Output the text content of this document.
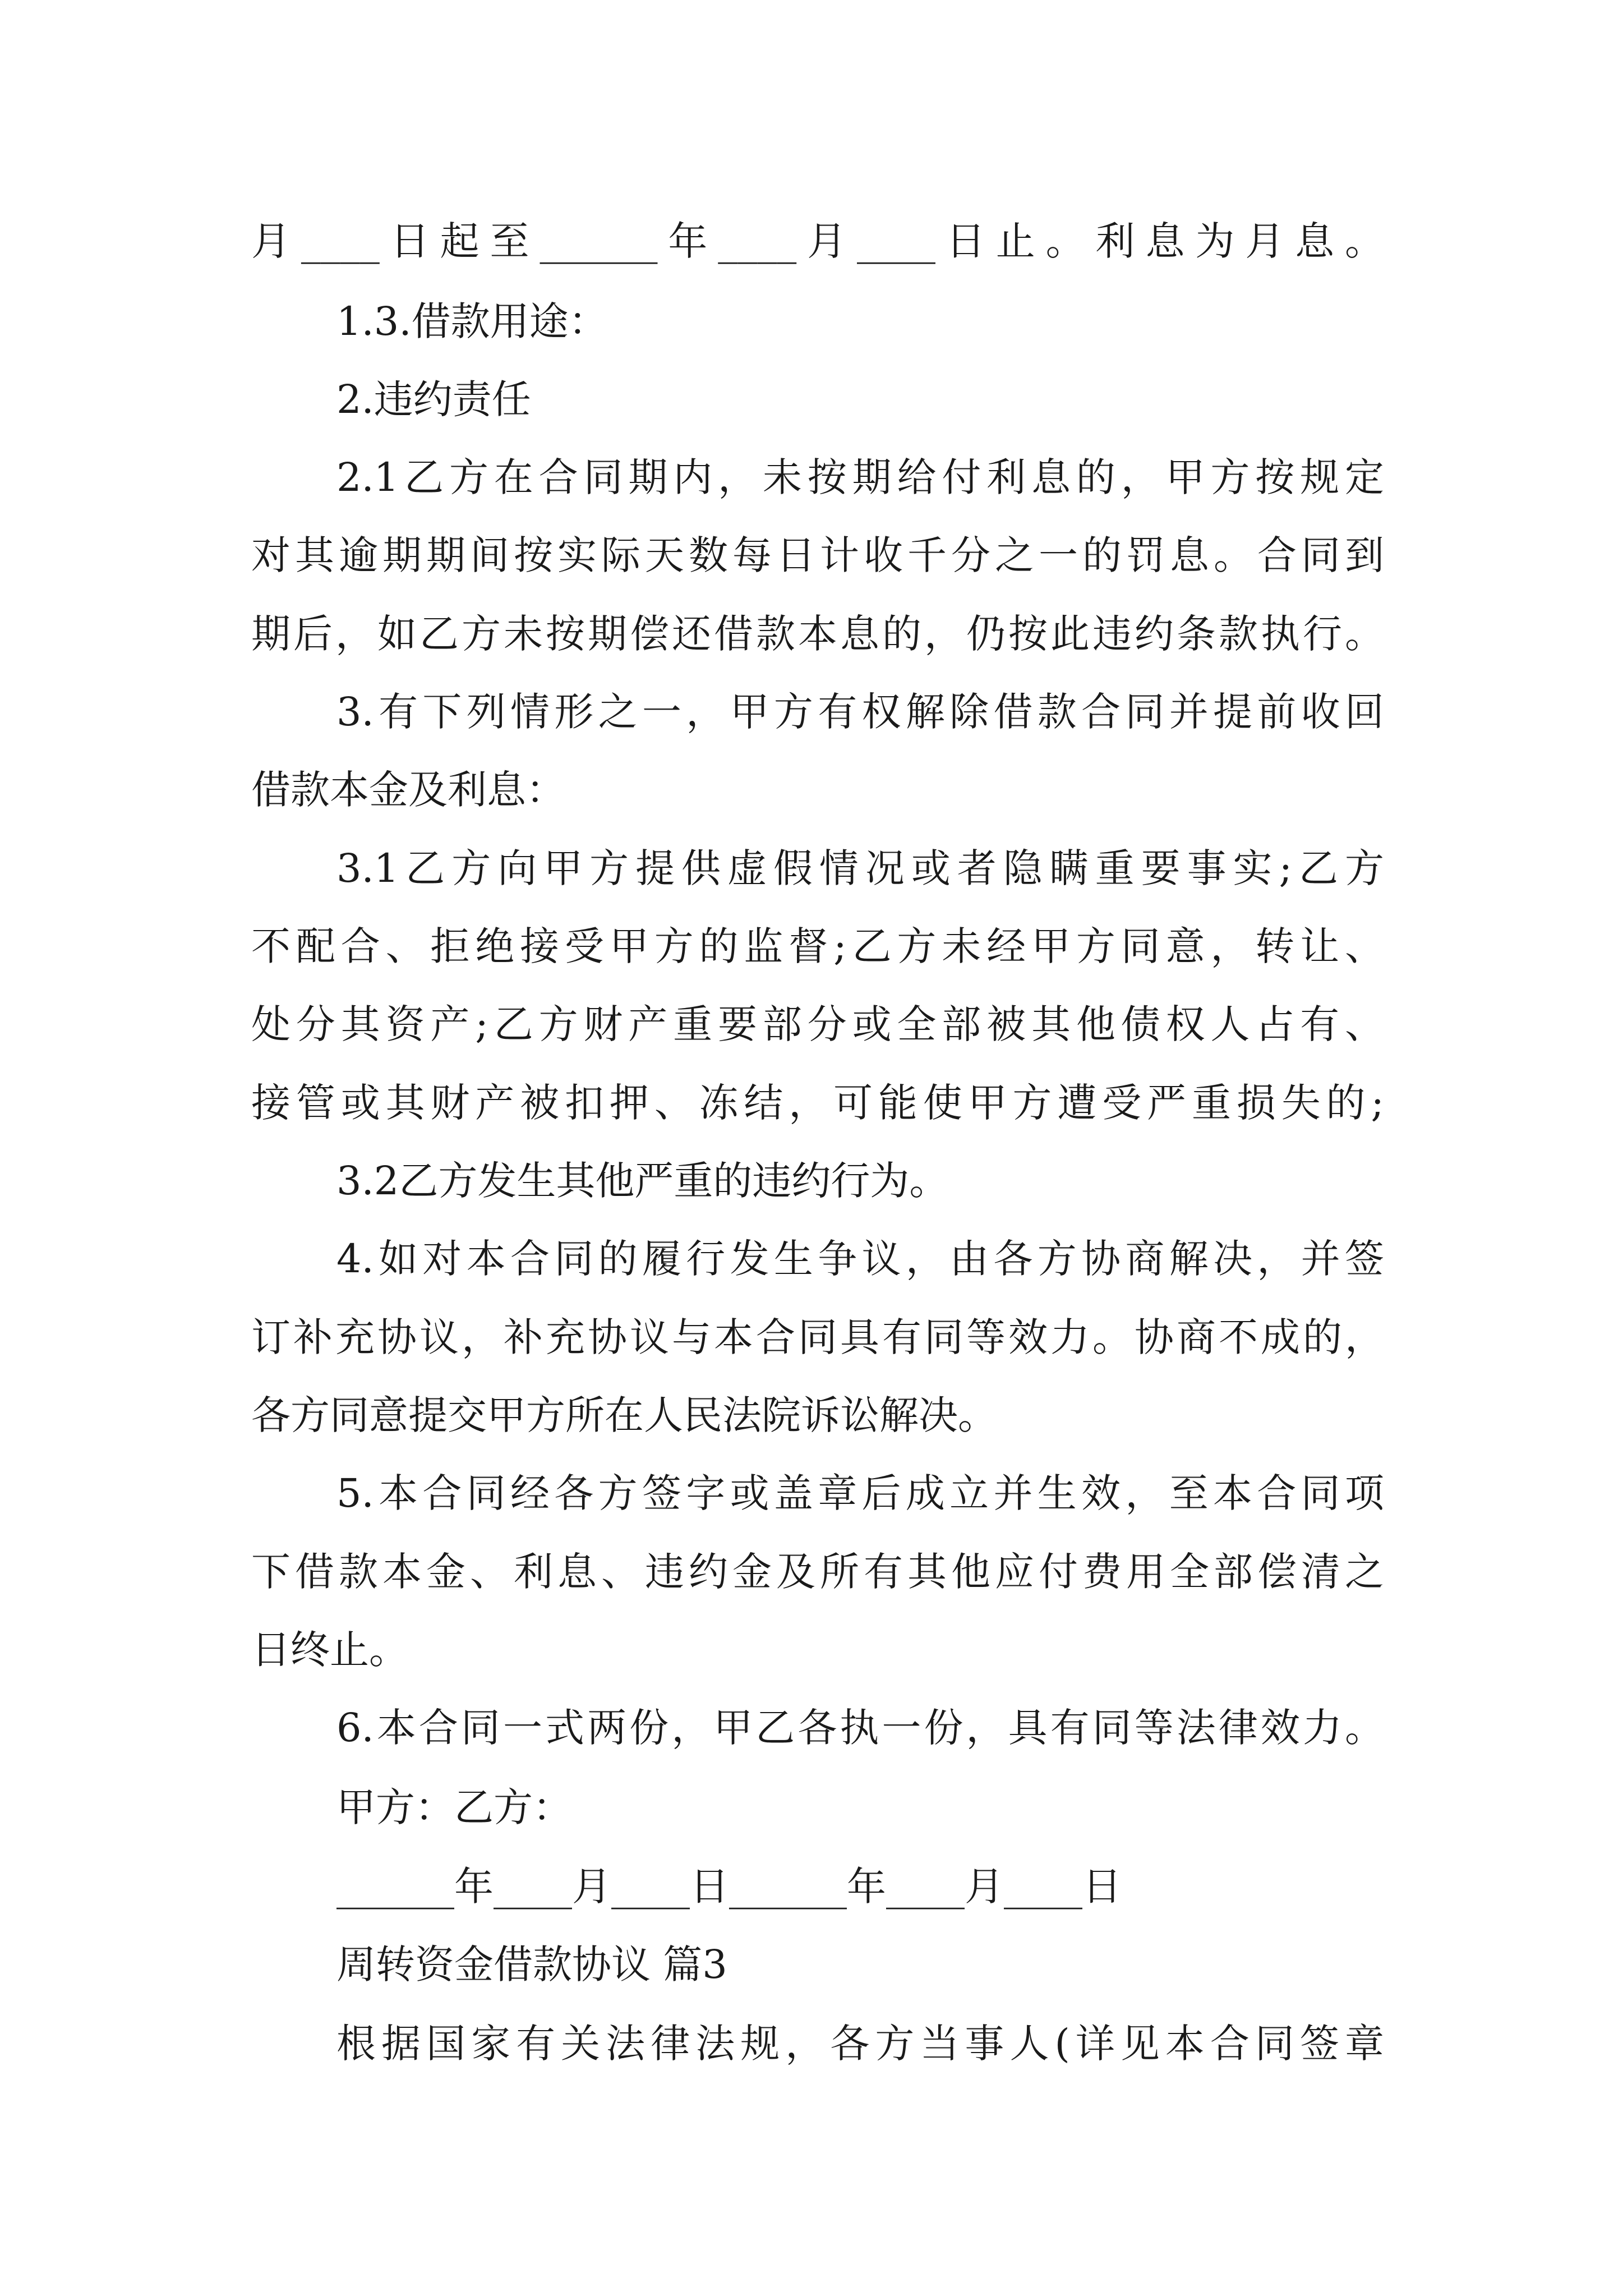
月____日起至______年____月____日止。利息为月息。
1.3.借款用途：
2.违约责任
2.1乙方在合同期内，未按期给付利息的，甲方按规定
对其逾期期间按实际天数每日计收千分之一的罚息。合同到
期后，如乙方未按期偿还借款本息的，仍按此违约条款执行。
3.有下列情形之一，甲方有权解除借款合同并提前收回
借款本金及利息：
3.1乙方向甲方提供虚假情况或者隐瞒重要事实;乙方
不配合、拒绝接受甲方的监督;乙方未经甲方同意，转让、
处分其资产;乙方财产重要部分或全部被其他债权人占有、
接管或其财产被扣押、冻结，可能使甲方遭受严重损失的;
3.2乙方发生其他严重的违约行为。
4.如对本合同的履行发生争议，由各方协商解决，并签
订补充协议，补充协议与本合同具有同等效力。协商不成的，
各方同意提交甲方所在人民法院诉讼解决。
5.本合同经各方签字或盖章后成立并生效，至本合同项
下借款本金、利息、违约金及所有其他应付费用全部偿清之
日终止。
6.本合同一式两份，甲乙各执一份，具有同等法律效力。
甲方：乙方：
______年____月____日______年____月____日
周转资金借款协议 篇3
根据国家有关法律法规，各方当事人(详见本合同签章
